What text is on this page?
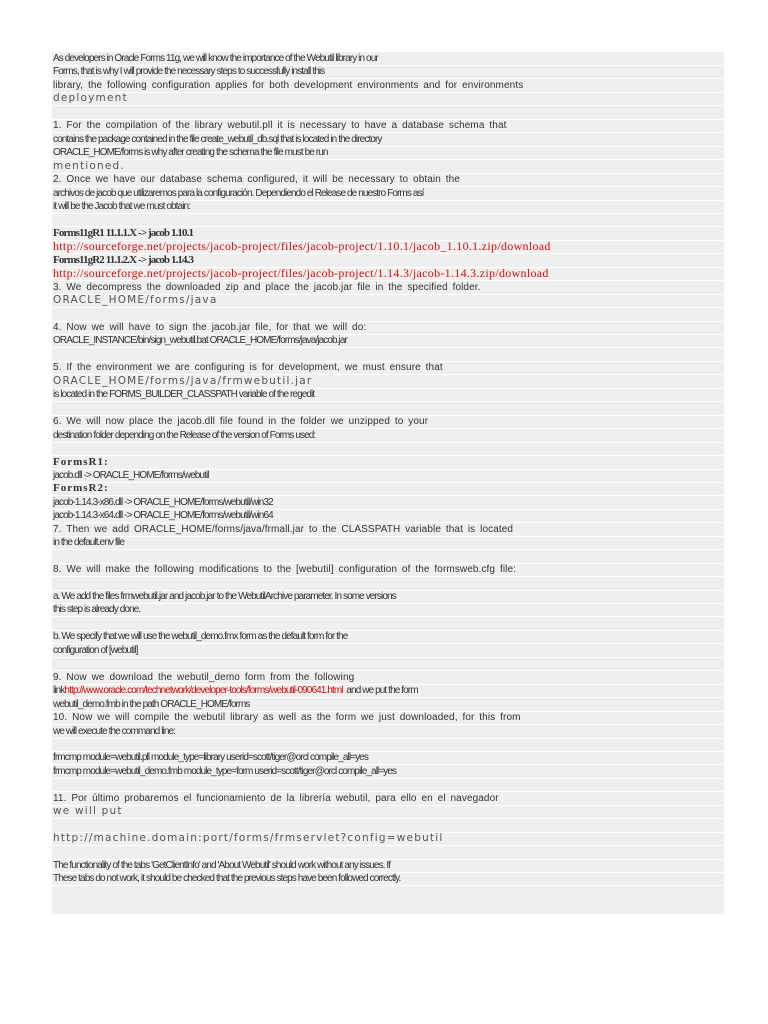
As developers in Oracle Forms 11g, we will know the importance of the Webutil library in our
Forms, that is why I will provide the necessary steps to successfully install this
library, the following configuration applies for both development environments and for environments
deployment
1. For the compilation of the library webutil.pll it is necessary to have a database schema that
contains the package contained in the file create_webutil_db.sql that is located in the directory
ORACLE_HOME/forms is why after creating the schema the file must be run
mentioned.
2. Once we have our database schema configured, it will be necessary to obtain the
archivos de jacob que utilizaremos para la configuración. Dependiendo el Release de nuestro Forms así
it will be the Jacob that we must obtain:
Forms11gR1 11.1.1.X -> jacob 1.10.1
http://sourceforge.net/projects/jacob-project/files/jacob-project/1.10.1/jacob_1.10.1.zip/download
Forms11gR2 11.1.2.X -> jacob 1.14.3
http://sourceforge.net/projects/jacob-project/files/jacob-project/1.14.3/jacob-1.14.3.zip/download
3. We decompress the downloaded zip and place the jacob.jar file in the specified folder.
ORACLE_HOME/forms/java
4. Now we will have to sign the jacob.jar file, for that we will do:
ORACLE_INSTANCE/bin/sign_webutil.bat ORACLE_HOME/forms/java/jacob.jar
5. If the environment we are configuring is for development, we must ensure that
ORACLE_HOME/forms/java/frmwebutil.jar
is located in the FORMS_BUILDER_CLASSPATH variable of the regedit
6. We will now place the jacob.dll file found in the folder we unzipped to your
destination folder depending on the Release of the version of Forms used:
FormsR1:
jacob.dll -> ORACLE_HOME/forms/webutil
FormsR2:
jacob-1.14.3-x86.dll -> ORACLE_HOME/forms/webutil/win32
jacob-1.14.3-x64.dll -> ORACLE_HOME/forms/webutil/win64
7. Then we add ORACLE_HOME/forms/java/frmall.jar to the CLASSPATH variable that is located
in the default.env file
8. We will make the following modifications to the [webutil] configuration of the formsweb.cfg file:
a. We add the files frmwebutil.jar and jacob.jar to the WebutilArchive parameter. In some versions
this step is already done.
b. We specify that we will use the webutil_demo.fmx form as the default form for the
configuration of [webutil]
9. Now we download the webutil_demo form from the following
linkhttp://www.oracle.com/technetwork/developer-tools/forms/webutil-090641.html  and we put the form
webutil_demo.fmb in the path ORACLE_HOME/forms
10. Now we will compile the webutil library as well as the form we just downloaded, for this from
we will execute the command line:
frmcmp module=webutil.pll module_type=library userid=scott/tiger@orcl compile_all=yes
frmcmp module=webutil_demo.fmb module_type=form userid=scott/tiger@orcl compile_all=yes
11. Por último probaremos el funcionamiento de la librería webutil, para ello en el navegador
we will put
http://machine.domain:port/forms/frmservlet?config=webutil
The functionality of the tabs 'GetClientInfo' and 'About Webutil' should work without any issues. If
These tabs do not work, it should be checked that the previous steps have been followed correctly.
